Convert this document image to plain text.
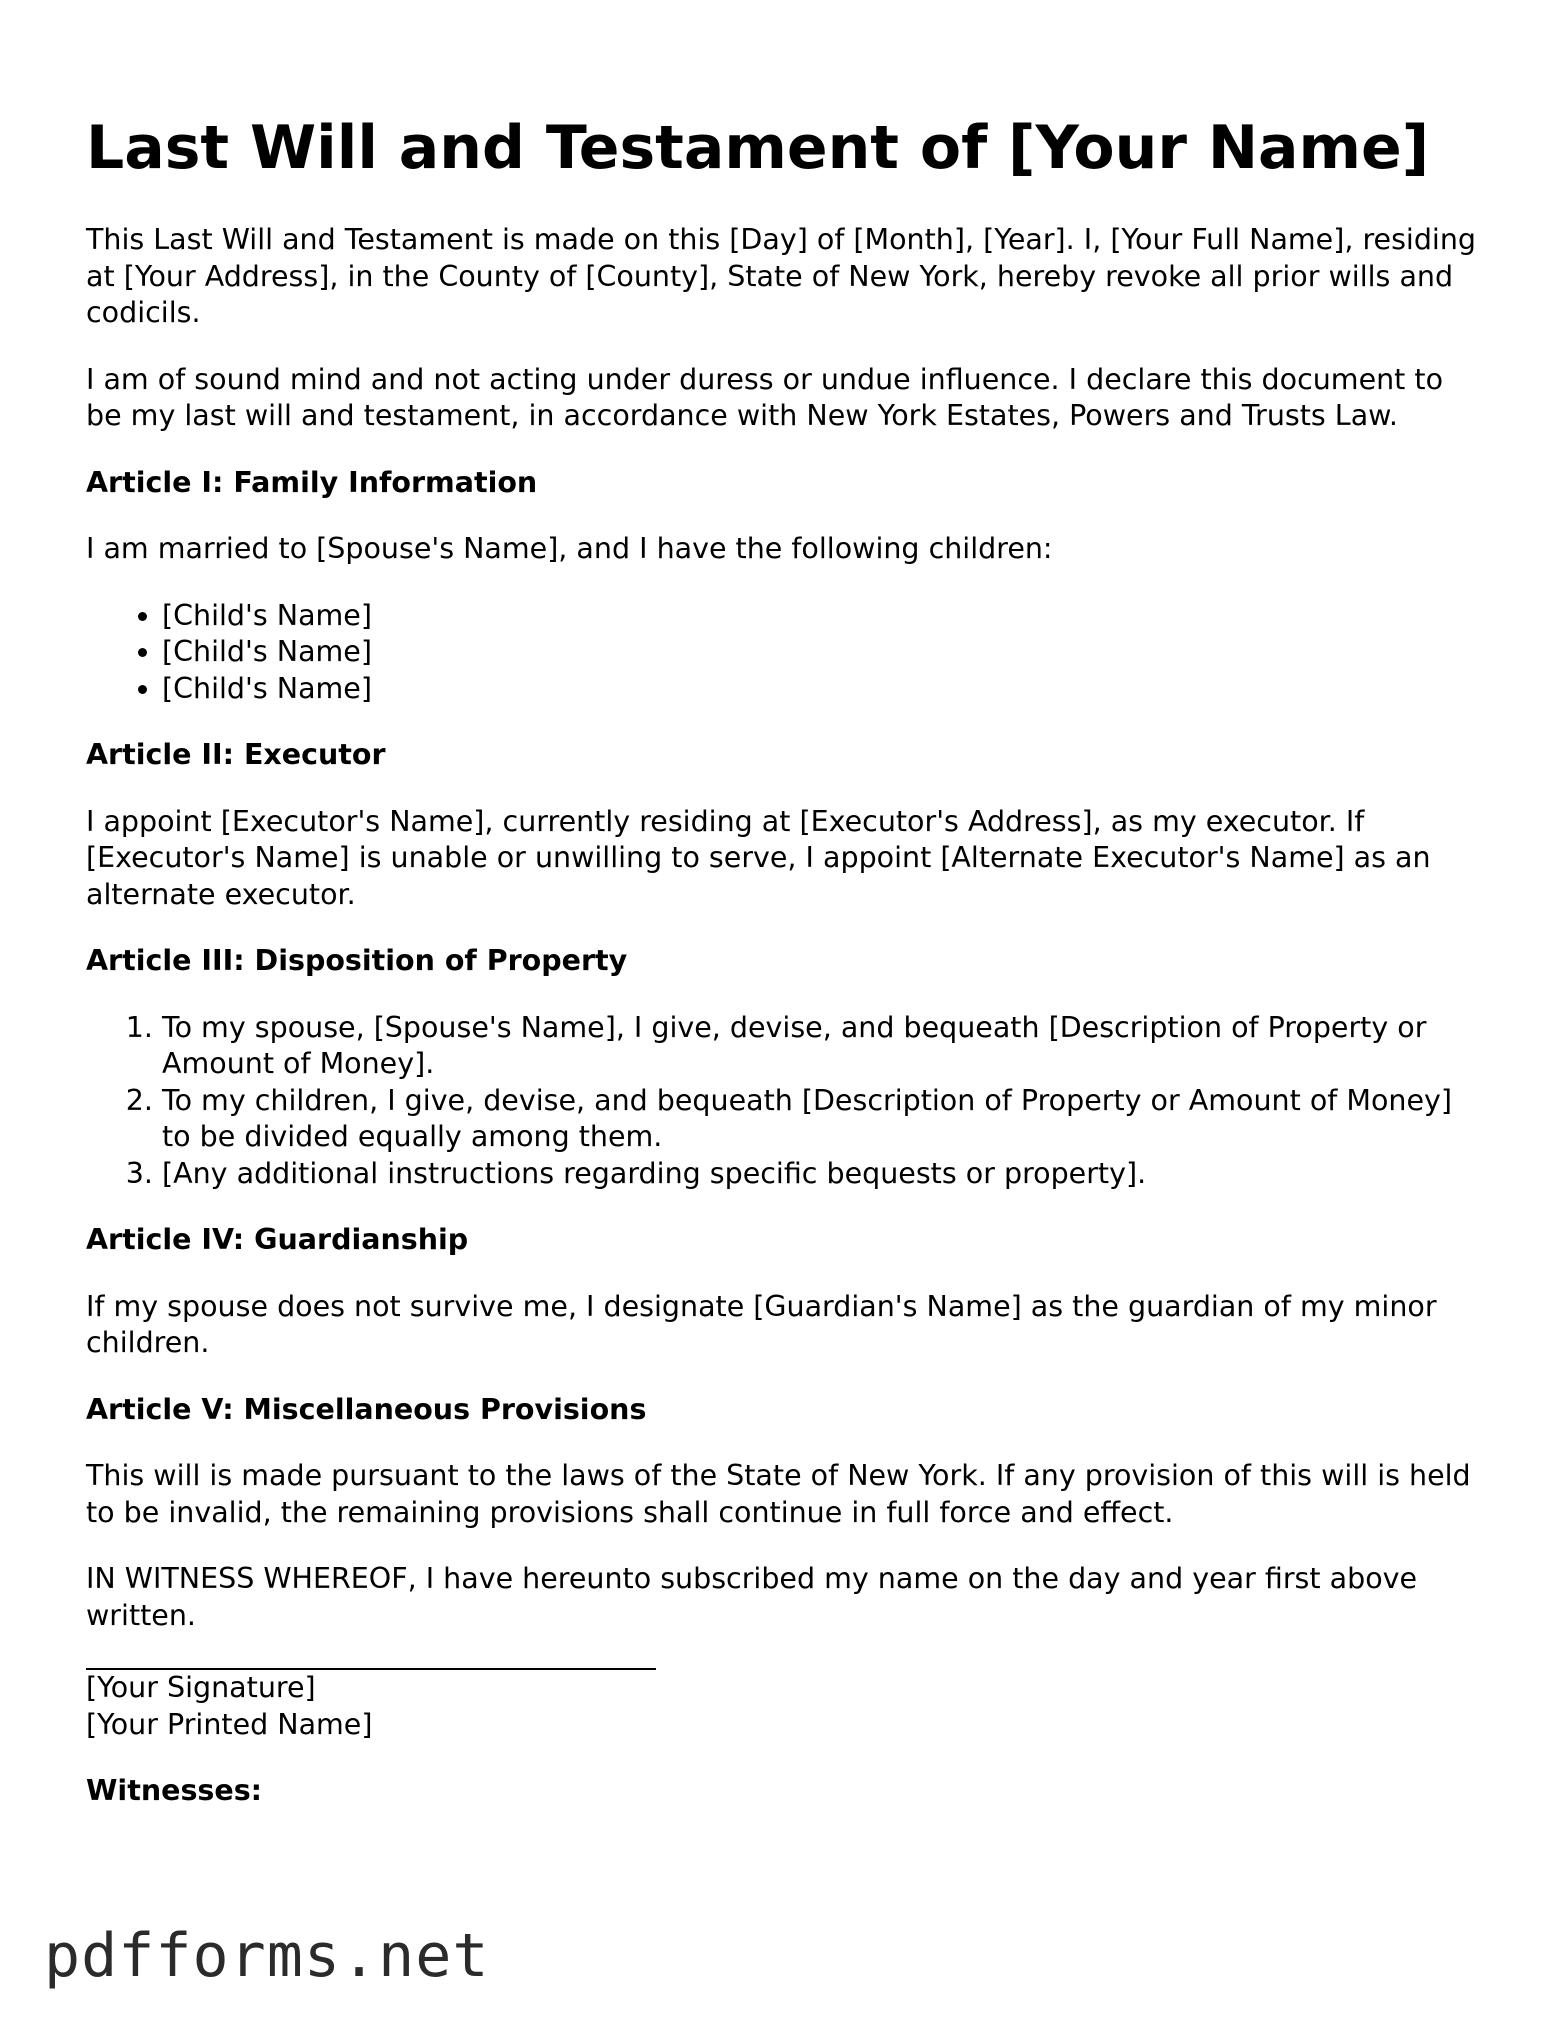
Last Will and Testament of [Your Name]

This Last Will and Testament is made on this [Day] of [Month], [Year]. I, [Your Full Name], residing at [Your Address], in the County of [County], State of New York, hereby revoke all prior wills and codicils.

I am of sound mind and not acting under duress or undue influence. I declare this document to be my last will and testament, in accordance with New York Estates, Powers and Trusts Law.

Article I: Family Information

I am married to [Spouse's Name], and I have the following children:

• [Child's Name]
• [Child's Name]
• [Child's Name]
Article II: Executor

I appoint [Executor's Name], currently residing at [Executor's Address], as my executor. If [Executor's Name] is unable or unwilling to serve, I appoint [Alternate Executor's Name] as an alternate executor.

Article III: Disposition of Property
1. To my spouse, [Spouse's Name], I give, devise, and bequeath [Description of Property or Amount of Money].
2. To my children, I give, devise, and bequeath [Description of Property or Amount of Money] to be divided equally among them.
3. [Any additional instructions regarding specific bequests or property].
Article IV: Guardianship

If my spouse does not survive me, I designate [Guardian's Name] as the guardian of my minor children.

Article V: Miscellaneous Provisions

This will is made pursuant to the laws of the State of New York. If any provision of this will is held to be invalid, the remaining provisions shall continue in full force and effect.

IN WITNESS WHEREOF, I have hereunto subscribed my name on the day and year first above written.

[Your Signature]
[Your Printed Name]
Witnesses:
pdfforms.net
